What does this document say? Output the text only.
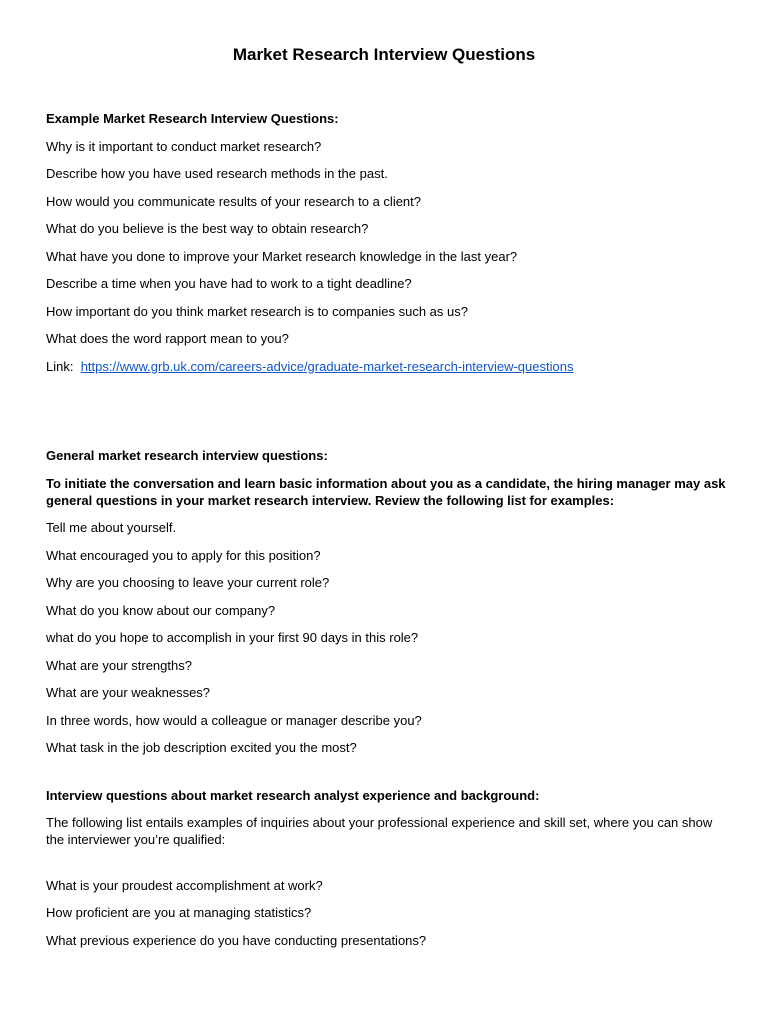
Market Research Interview Questions
Example Market Research Interview Questions:
Why is it important to conduct market research?
Describe how you have used research methods in the past.
How would you communicate results of your research to a client?
What do you believe is the best way to obtain research?
What have you done to improve your Market research knowledge in the last year?
Describe a time when you have had to work to a tight deadline?
How important do you think market research is to companies such as us?
What does the word rapport mean to you?
Link: https://www.grb.uk.com/careers-advice/graduate-market-research-interview-questions
General market research interview questions:
To initiate the conversation and learn basic information about you as a candidate, the hiring manager may ask general questions in your market research interview. Review the following list for examples:
Tell me about yourself.
What encouraged you to apply for this position?
Why are you choosing to leave your current role?
What do you know about our company?
what do you hope to accomplish in your first 90 days in this role?
What are your strengths?
What are your weaknesses?
In three words, how would a colleague or manager describe you?
What task in the job description excited you the most?
Interview questions about market research analyst experience and background:
The following list entails examples of inquiries about your professional experience and skill set, where you can show the interviewer you’re qualified:
What is your proudest accomplishment at work?
How proficient are you at managing statistics?
What previous experience do you have conducting presentations?
